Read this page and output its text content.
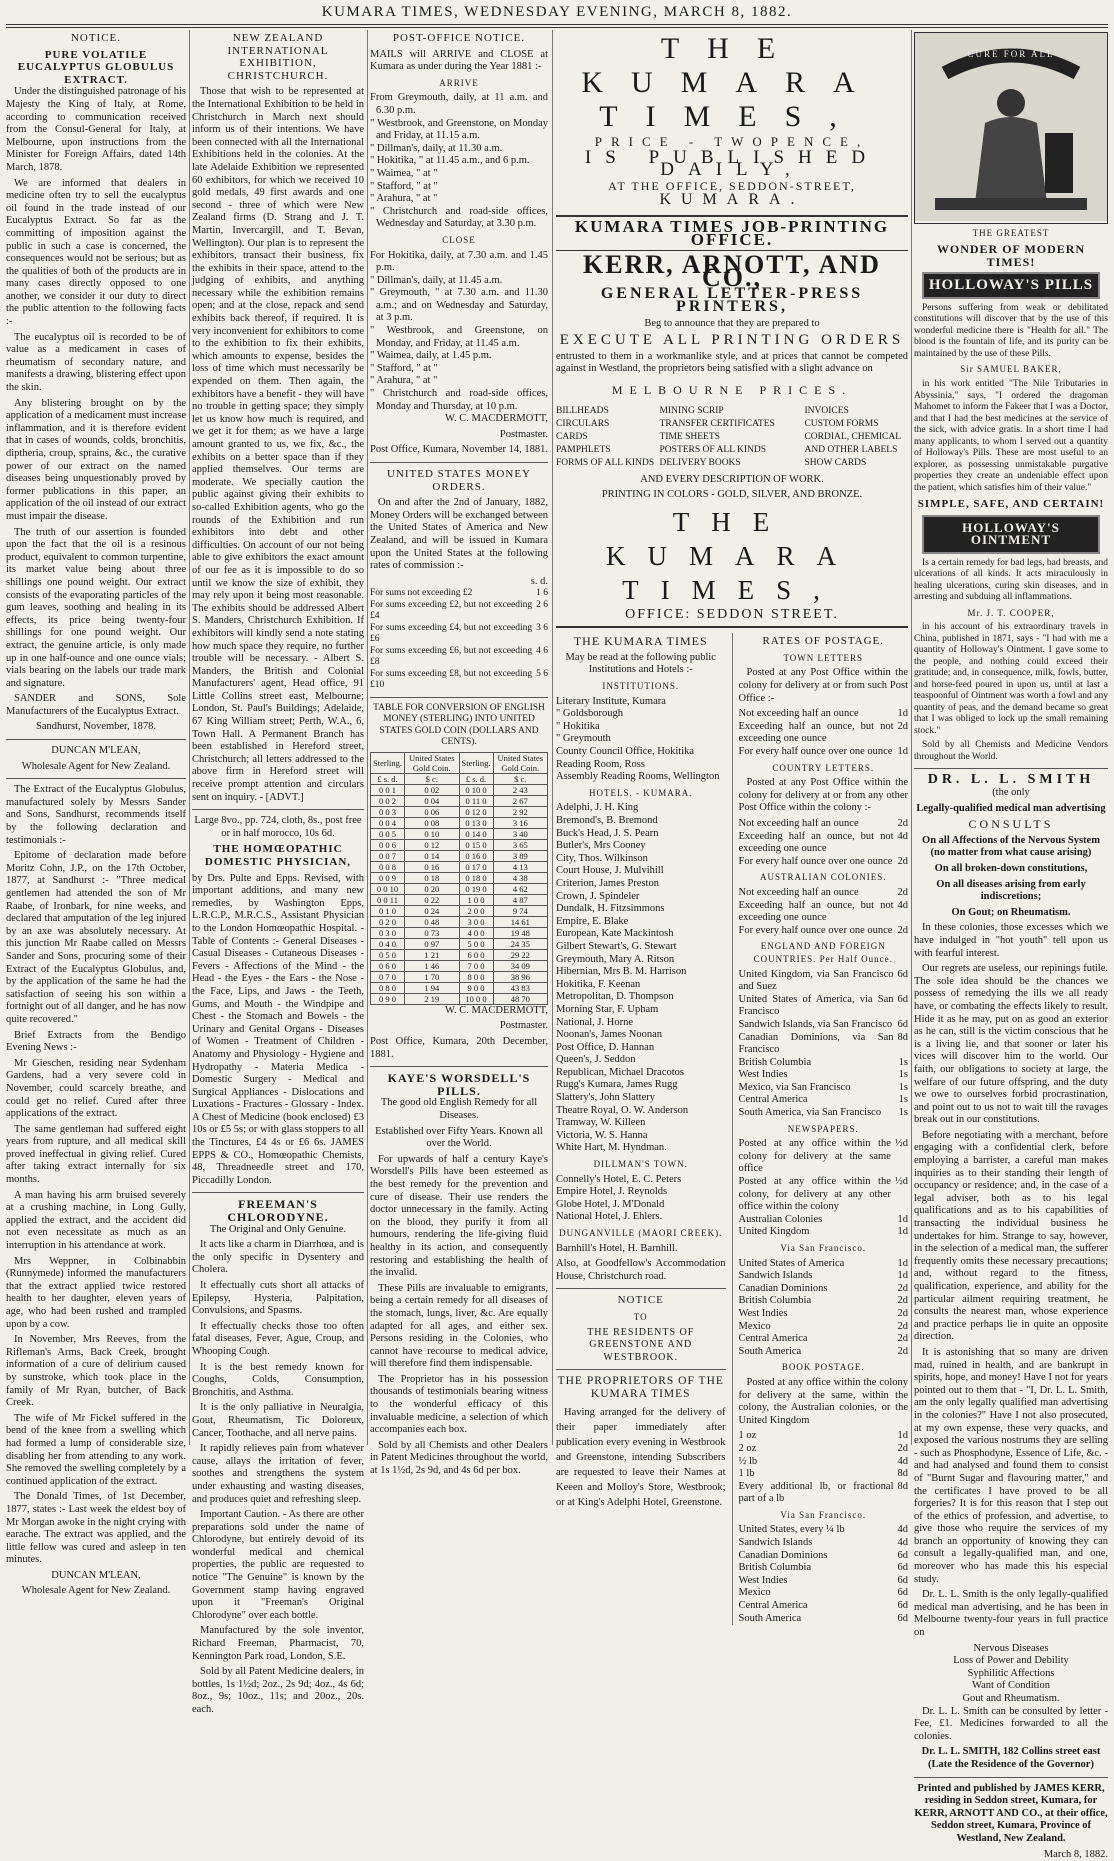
KUMARA TIMES, WEDNESDAY EVENING, MARCH 8, 1882.
NOTICE.
PURE VOLATILE EUCALYPTUS GLOBULUS EXTRACT.

Under the distinguished patronage of his Majesty the King of Italy, at Rome, according to communication received from the Consul-General for Italy, at Melbourne, upon instructions from the Minister for Foreign Affairs, dated 14th March, 1878.

We are informed that dealers in medicine often try to sell the eucalyptus oil found in the trade instead of our Eucalyptus Extract. So far as the committing of imposition against the public in such a case is concerned, the consequences would not be serious; but as the qualities of both of the products are in many cases directly opposed to one another, we consider it our duty to direct the public attention to the following facts :-

The eucalyptus oil is recorded to be of value as a medicament in cases of rheumatism of secondary nature, and manifests a drawing, blistering effect upon the skin.

Any blistering brought on by the application of a medicament must increase inflammation, and it is therefore evident that in cases of wounds, colds, bronchitis, diptheria, croup, sprains, &c., the curative power of our extract on the named diseases being unquestionably proved by former publications in this paper, an application of the oil instead of our extract must impair the disease.

The truth of our assertion is founded upon the fact that the oil is a resinous product, equivalent to common turpentine, its market value being about three shillings one pound weight. Our extract consists of the evaporating particles of the gum leaves, soothing and healing in its effects, its price being twenty-four shillings for one pound weight. Our extract, the genuine article, is only made up in one half-ounce and one ounce vials; vials bearing on the labels our trade mark and signature.

SANDER and SONS, Sole Manufacturers of the Eucalyptus Extract.

Sandhurst, November, 1878.

DUNCAN M'LEAN,

Wholesale Agent for New Zealand.

The Extract of the Eucalyptus Globulus, manufactured solely by Messrs Sander and Sons, Sandhurst, recommends itself by the following declaration and testimonials :-

Epitome of declaration made before Moritz Cohn, J.P., on the 17th October, 1877, at Sandhurst :- "Three medical gentlemen had attended the son of Mr Raabe, of Ironbark, for nine weeks, and declared that amputation of the leg injured by an axe was absolutely necessary. At this junction Mr Raabe called on Messrs Sander and Sons, procuring some of their Extract of the Eucalyptus Globulus, and, by the application of the same he had the satisfaction of seeing his son within a fortnight out of all danger, and he has now quite recovered."

Brief Extracts from the Bendigo Evening News :-

Mr Gieschen, residing near Sydenham Gardens, had a very severe cold in November, could scarcely breathe, and could get no relief. Cured after three applications of the extract.

The same gentleman had suffered eight years from rupture, and all medical skill proved ineffectual in giving relief. Cured after taking extract internally for six months.

A man having his arm bruised severely at a crushing machine, in Long Gully, applied the extract, and the accident did not even necessitate as much as an interruption in his attendance at work.

Mrs Weppner, in Colbinabbin (Runnymede) informed the manufacturers that the extract applied twice restored health to her daughter, eleven years of age, who had been rushed and trampled upon by a cow.

In November, Mrs Reeves, from the Rifleman's Arms, Back Creek, brought information of a cure of delirium caused by sunstroke, which took place in the family of Mr Ryan, butcher, of Back Creek.

The wife of Mr Fickel suffered in the bend of the knee from a swelling which had formed a lump of considerable size, disabling her from attending to any work. She removed the swelling completely by a continued application of the extract.

The Donald Times, of 1st December, 1877, states :- Last week the eldest boy of Mr Morgan awoke in the night crying with earache. The extract was applied, and the little fellow was cured and asleep in ten minutes.

DUNCAN M'LEAN,

Wholesale Agent for New Zealand.

NEW ZEALAND INTERNATIONAL EXHIBITION, CHRISTCHURCH.

Those that wish to be represented at the International Exhibition to be held in Christchurch in March next should inform us of their intentions. We have been connected with all the International Exhibitions held in the colonies. At the late Adelaide Exhibition we represented 60 exhibitors, for which we received 10 gold medals, 49 first awards and one second - three of which were New Zealand firms (D. Strang and J. T. Martin, Invercargill, and T. Bevan, Wellington). Our plan is to represent the exhibitors, transact their business, fix the exhibits in their space, attend to the judging of exhibits, and anything necessary while the exhibition remains open; and at the close, repack and send exhibits back thereof, if required. It is very inconvenient for exhibitors to come to the exhibition to fix their exhibits, which amounts to expense, besides the loss of time which must necessarily be expended on them. Then again, the exhibitors have a benefit - they will have no trouble in getting space; they simply let us know how much is required, and we get it for them; as we have a large amount granted to us, we fix, &c., the exhibits on a better space than if they applied themselves. Our terms are moderate. We specially caution the public against giving their exhibits to so-called Exhibition agents, who go the rounds of the Exhibition and run exhibitors into debt and other difficulties. On account of our not being able to give exhibitors the exact amount of our fee as it is impossible to do so until we know the size of exhibit, they may rely upon it being most reasonable. The exhibits should be addressed Albert S. Manders, Christchurch Exhibition. If exhibitors will kindly send a note stating how much space they require, no further trouble will be necessary. - Albert S. Manders, the British and Colonial Manufacturers' agent, Head office, 91 Little Collins street east, Melbourne; London, St. Paul's Buildings; Adelaide, 67 King William street; Perth, W.A., 6, Town Hall. A Permanent Branch has been established in Hereford street, Christchurch; all letters addressed to the above firm in Hereford street will receive prompt attention and circulars sent on inquiry. - [ADVT.]

Large 8vo., pp. 724, cloth, 8s., post free or in half morocco, 10s 6d.

THE HOMŒOPATHIC DOMESTIC PHYSICIAN,

by Drs. Pulte and Epps. Revised, with important additions, and many new remedies, by Washington Epps, L.R.C.P., M.R.C.S., Assistant Physician to the London Homœopathic Hospital. - Table of Contents :- General Diseases - Casual Diseases - Cutaneous Diseases - Fevers - Affections of the Mind - the Head - the Eyes - the Ears - the Nose - the Face, Lips, and Jaws - the Teeth, Gums, and Mouth - the Windpipe and Chest - the Stomach and Bowels - the Urinary and Genital Organs - Diseases of Women - Treatment of Children - Anatomy and Physiology - Hygiene and Hydropathy - Materia Medica - Domestic Surgery - Medical and Surgical Appliances - Dislocations and Luxations - Fractures - Glossary - Index. A Chest of Medicine (book enclosed) £3 10s or £5 5s; or with glass stoppers to all the Tinctures, £4 4s or £6 6s. JAMES EPPS & CO., Homœopathic Chemists, 48, Threadneedle street and 170, Piccadilly London.

FREEMAN'S CHLORODYNE.

The Original and Only Genuine.

It acts like a charm in Diarrhœa, and is the only specific in Dysentery and Cholera.

It effectually cuts short all attacks of Epilepsy, Hysteria, Palpitation, Convulsions, and Spasms.

It effectually checks those too often fatal diseases, Fever, Ague, Croup, and Whooping Cough.

It is the best remedy known for Coughs, Colds, Consumption, Bronchitis, and Asthma.

It is the only palliative in Neuralgia, Gout, Rheumatism, Tic Doloreux, Cancer, Toothache, and all nerve pains.

It rapidly relieves pain from whatever cause, allays the irritation of fever, soothes and strengthens the system under exhausting and wasting diseases, and produces quiet and refreshing sleep.

Important Caution. - As there are other preparations sold under the name of Chlorodyne, but entirely devoid of its wonderful medical and chemical properties, the public are requested to notice "The Genuine" is known by the Government stamp having engraved upon it "Freeman's Original Chlorodyne" over each bottle.

Manufactured by the sole inventor, Richard Freeman, Pharmacist, 70, Kennington Park road, London, S.E.

Sold by all Patent Medicine dealers, in bottles, 1s 1½d; 2oz., 2s 9d; 4oz., 4s 6d; 8oz., 9s; 10oz., 11s; and 20oz., 20s. each.

POST-OFFICE NOTICE.

MAILS will ARRIVE and CLOSE at Kumara as under during the Year 1881 :-

ARRIVE
From Greymouth, daily, at 11 a.m. and 6.30 p.m.
" Westbrook, and Greenstone, on Monday and Friday, at 11.15 a.m.
" Dillman's, daily, at 11.30 a.m.
" Hokitika, " at 11.45 a.m., and 6 p.m.
" Waimea, " at "
" Stafford, " at "
" Arahura, " at "
" Christchurch and road-side offices, Wednesday and Saturday, at 3.30 p.m.
CLOSE
For Hokitika, daily, at 7.30 a.m. and 1.45 p.m.
" Dillman's, daily, at 11.45 a.m.
" Greymouth, " at 7.30 a.m. and 11.30 a.m.; and on Wednesday and Saturday, at 3 p.m.
" Westbrook, and Greenstone, on Monday, and Friday, at 11.45 a.m.
" Waimea, daily, at 1.45 p.m.
" Stafford, " at "
" Arahura, " at "
" Christchurch and road-side offices, Monday and Thursday, at 10 p.m.

W. C. MACDERMOTT,

Postmaster.

Post Office, Kumara, November 14, 1881.

UNITED STATES MONEY ORDERS.

On and after the 2nd of January, 1882, Money Orders will be exchanged between the United States of America and New Zealand, and will be issued in Kumara upon the United States at the following rates of commission :-

s. d.
For sums not exceeding £2	1 6
For sums exceeding £2, but not exceeding £4
2 6
For sums exceeding £4, but not exceeding £6
3 6
For sums exceeding £6, but not exceeding £8
4 6
For sums exceeding £8, but not exceeding £10
5 6

TABLE FOR CONVERSION OF ENGLISH MONEY (STERLING) INTO UNITED STATES GOLD COIN (DOLLARS AND CENTS).

Sterling.	United States Gold Coin.	Sterling.	United States Gold Coin.
£ s. d.	$ c.	£ s. d.	$ c.
0 0 1	0 02	0 10 0	2 43
0 0 2	0 04	0 11 0	2 67
0 0 3	0 06	0 12 0	2 92
0 0 4	0 08	0 13 0	3 16
0 0 5	0 10	0 14 0	3 40
0 0 6	0 12	0 15 0	3 65
0 0 7	0 14	0 16 0	3 89
0 0 8	0 16	0 17 0	4 13
0 0 9	0 18	0 18 0	4 38
0 0 10	0 20	0 19 0	4 62
0 0 11	0 22	1 0 0	4 87
0 1 0	0 24	2 0 0	9 74
0 2 0	0 48	3 0 0	14 61
0 3 0	0 73	4 0 0	19 48
0 4 0	0 97	5 0 0	24 35
0 5 0	1 21	6 0 0	29 22
0 6 0	1 46	7 0 0	34 09
0 7 0	1 70	8 0 0	38 96
0 8 0	1 94	9 0 0	43 83
0 9 0	2 19	10 0 0	48 70

W. C. MACDERMOTT,

Postmaster.

Post Office, Kumara, 20th December, 1881.

KAYE'S WORSDELL'S PILLS.

The good old English Remedy for all Diseases.

Established over Fifty Years. Known all over the World.

For upwards of half a century Kaye's Worsdell's Pills have been esteemed as the best remedy for the prevention and cure of disease. Their use renders the doctor unnecessary in the family. Acting on the blood, they purify it from all humours, rendering the life-giving fluid healthy in its action, and consequently restoring and establishing the health of the invalid.

These Pills are invaluable to emigrants, being a certain remedy for all diseases of the stomach, lungs, liver, &c. Are equally adapted for all ages, and either sex. Persons residing in the Colonies, who cannot have recourse to medical advice, will therefore find them indispensable.

The Proprietor has in his possession thousands of testimonials bearing witness to the wonderful efficacy of this invaluable medicine, a selection of which accompanies each box.

Sold by all Chemists and other Dealers in Patent Medicines throughout the world, at 1s 1½d, 2s 9d, and 4s 6d per box.

THE KUMARA TIMES,
PRICE - TWOPENCE,
IS PUBLISHED DAILY,
AT THE OFFICE, SEDDON-STREET,
KUMARA.
KUMARA TIMES JOB-PRINTING OFFICE.
KERR, ARNOTT, AND CO.,
GENERAL LETTER-PRESS PRINTERS,

Beg to announce that they are prepared to

EXECUTE ALL PRINTING ORDERS

entrusted to them in a workmanlike style, and at prices that cannot be competed against in Westland, the proprietors being satisfied with a slight advance on

MELBOURNE PRICES.
BILLHEADS	MINING SCRIP	INVOICES
CIRCULARS	TRANSFER CERTIFICATES	CUSTOM FORMS
CARDS	TIME SHEETS	CORDIAL, CHEMICAL
PAMPHLETS	POSTERS OF ALL KINDS	AND OTHER LABELS
FORMS OF ALL KINDS DELIVERY BOOKS	SHOW CARDS

AND EVERY DESCRIPTION OF WORK.

PRINTING IN COLORS - GOLD, SILVER, AND BRONZE.

THE KUMARA TIMES,
OFFICE: SEDDON STREET.
THE KUMARA TIMES

May be read at the following public Institutions and Hotels :-

INSTITUTIONS.
Literary Institute, Kumara
" Goldsborough
" Hokitika
" Greymouth
County Council Office, Hokitika
Reading Room, Ross
Assembly Reading Rooms, Wellington
HOTELS. - KUMARA.
Adelphi, J. H. King
Bremond's, B. Bremond
Buck's Head, J. S. Pearn
Butler's, Mrs Cooney
City, Thos. Wilkinson
Court House, J. Mulvihill
Criterion, James Preston
Crown, J. Spindeler
Dundalk, H. Fitzsimmons
Empire, E. Blake
European, Kate Mackintosh
Gilbert Stewart's, G. Stewart
Greymouth, Mary A. Ritson
Hibernian, Mrs B. M. Harrison
Hokitika, F. Keenan
Metropolitan, D. Thompson
Morning Star, F. Upham
National, J. Horne
Noonan's, James Noonan
Post Office, D. Hannan
Queen's, J. Seddon
Republican, Michael Dracotos
Rugg's Kumara, James Rugg
Slattery's, John Slattery
Theatre Royal, O. W. Anderson
Tramway, W. Killeen
Victoria, W. S. Hanna
White Hart, M. Hyndman.
DILLMAN'S TOWN.
Connelly's Hotel, E. C. Peters
Empire Hotel, J. Reynolds
Globe Hotel, J. M'Donald
National Hotel, J. Ehlers.
DUNGANVILLE (MAORI CREEK).
Barnhill's Hotel, H. Barnhill.

Also, at Goodfellow's Accommodation House, Christchurch road.

NOTICE
TO
THE RESIDENTS OF GREENSTONE AND WESTBROOK.
THE PROPRIETORS OF THE KUMARA TIMES

Having arranged for the delivery of their paper immediately after publication every evening in Westbrook and Greenstone, intending Subscribers are requested to leave their Names at Keeen and Molloy's Store, Westbrook; or at King's Adelphi Hotel, Greenstone.

RATES OF POSTAGE.
TOWN LETTERS

Posted at any Post Office within the colony for delivery at or from such Post Office :-

Not exceeding half an ounce	1d
Exceeding half an ounce, but not exceeding one ounce
2d
For every half ounce over one ounce 1d
COUNTRY LETTERS.

Posted at any Post Office within the colony for delivery at or from any other Post Office within the colony :-

Not exceeding half an ounce	2d
Exceeding half an ounce, but not exceeding one ounce
4d
For every half ounce over one ounce 2d
AUSTRALIAN COLONIES.
Not exceeding half an ounce	2d
Exceeding half an ounce, but not exceeding one ounce
4d
For every half ounce over one ounce 2d
ENGLAND AND FOREIGN COUNTRIES. Per Half Ounce.
United Kingdom, via San Francisco and Suez
6d
United States of America, via San Francisco
6d
Sandwich Islands, via San Francisco 6d
Canadian Dominions, via San Francisco
8d
British Columbia	1s
West Indies	1s
Mexico, via San Francisco	1s
Central America	1s
South America, via San Francisco	1s
NEWSPAPERS.
Posted at any office within the colony for delivery at the same office
½d
Posted at any office within the colony, for delivery at any other office within the colony
½d
Australian Colonies	1d
United Kingdom	1d
Via San Francisco.
United States of America	1d
Sandwich Islands	1d
Canadian Dominions	2d
British Columbia	2d
West Indies	2d
Mexico	2d
Central America	2d
South America	2d
BOOK POSTAGE.

Posted at any office within the colony for delivery at the same, within the colony, the Australian colonies, or the United Kingdom

1 oz	1d
2 oz	2d
½ lb	4d
1 lb	8d
Every additional lb, or fractional part of a lb
8d
Via San Francisco.
United States, every ¼ lb	4d
Sandwich Islands	4d
Canadian Dominions	6d
British Columbia	6d
West Indies	6d
Mexico	6d
Central America	6d
South America	6d
CURE FOR ALL
THE GREATEST
WONDER OF MODERN TIMES!
HOLLOWAY'S PILLS

Persons suffering from weak or debilitated constitutions will discover that by the use of this wonderful medicine there is "Health for all." The blood is the fountain of life, and its purity can be maintained by the use of these Pills.

Sir SAMUEL BAKER,

in his work entitled "The Nile Tributaries in Abyssinia," says, "I ordered the dragoman Mahomet to inform the Fakeer that I was a Doctor, and that I had the best medicines at the service of the sick, with advice gratis. In a short time I had many applicants, to whom I served out a quantity of Holloway's Pills. These are most useful to an explorer, as possessing unmistakable purgative properties they create an undeniable effect upon the patient, which satisfies him of their value."

SIMPLE, SAFE, AND CERTAIN!
HOLLOWAY'S OINTMENT

Is a certain remedy for bad legs, bad breasts, and ulcerations of all kinds. It acts miraculously in healing ulcerations, curing skin diseases, and in arresting and subduing all inflammations.

Mr. J. T. COOPER,

in his account of his extraordinary travels in China, published in 1871, says - "I had with me a quantity of Holloway's Ointment. I gave some to the people, and nothing could exceed their gratitude; and, in consequence, milk, fowls, butter, and horse-feed poured in upon us, until at last a teaspoonful of Ointment was worth a fowl and any quantity of peas, and the demand became so great that I was obliged to lock up the small remaining stock."

Sold by all Chemists and Medicine Vendors throughout the World.

DR. L. L. SMITH

(the only

Legally-qualified medical man advertising

CONSULTS

On all Affections of the Nervous System (no matter from what cause arising)

On all broken-down constitutions,

On all diseases arising from early indiscretions;

On Gout; on Rheumatism.

In these colonies, those excesses which we have indulged in "hot youth" tell upon us with fearful interest.

Our regrets are useless, our repinings futile. The sole idea should be the chances we possess of remedying the ills we all ready have, or combating the effects likely to result. Hide it as he may, put on as good an exterior as he can, still is the victim conscious that he is a living lie, and that sooner or later his vices will discover him to the world. Our faith, our obligations to society at large, the welfare of our future offspring, and the duty we owe to ourselves forbid procrastination, and point out to us not to wait till the ravages break out in our constitutions.

Before negotiating with a merchant, before engaging with a confidential clerk, before employing a barrister, a careful man makes inquiries as to their standing their length of occupancy or residence; and, in the case of a legal adviser, both as to his legal qualifications and as to his capabilities of transacting the individual business he undertakes for him. Strange to say, however, in the selection of a medical man, the sufferer frequently omits these necessary precautions; and, without regard to the fitness, qualification, experience, and ability for the particular ailment requiring treatment, he consults the nearest man, whose experience and practice perhaps lie in quite an opposite direction.

It is astonishing that so many are driven mad, ruined in health, and are bankrupt in spirits, hope, and money! Have I not for years pointed out to them that - "I, Dr. L. L. Smith, am the only legally qualified man advertising in the colonies?" Have I not also prosecuted, at my own expense, these very quacks, and exposed the various nostrums they are selling - such as Phosphodyne, Essence of Life, &c. - and had analysed and found them to consist of "Burnt Sugar and flavouring matter," and the certificates I have proved to be all forgeries? It is for this reason that I step out of the ethics of profession, and advertise, to give those who require the services of my branch an opportunity of knowing they can consult a legally-qualified man, and one, moreover who has made this his especial study.

Dr. L. L. Smith is the only legally-qualified medical man advertising, and he has been in Melbourne twenty-four years in full practice on

Nervous Diseases
Loss of Power and Debility
Syphilitic Affections
Want of Condition
Gout and Rheumatism.

Dr. L. L. Smith can be consulted by letter - Fee, £1. Medicines forwarded to all the colonies.

Dr. L. L. SMITH, 182 Collins street east (Late the Residence of the Governor)

Printed and published by JAMES KERR, residing in Seddon street, Kumara, for KERR, ARNOTT AND CO., at their office, Seddon street, Kumara, Province of Westland, New Zealand.

March 8, 1882.
